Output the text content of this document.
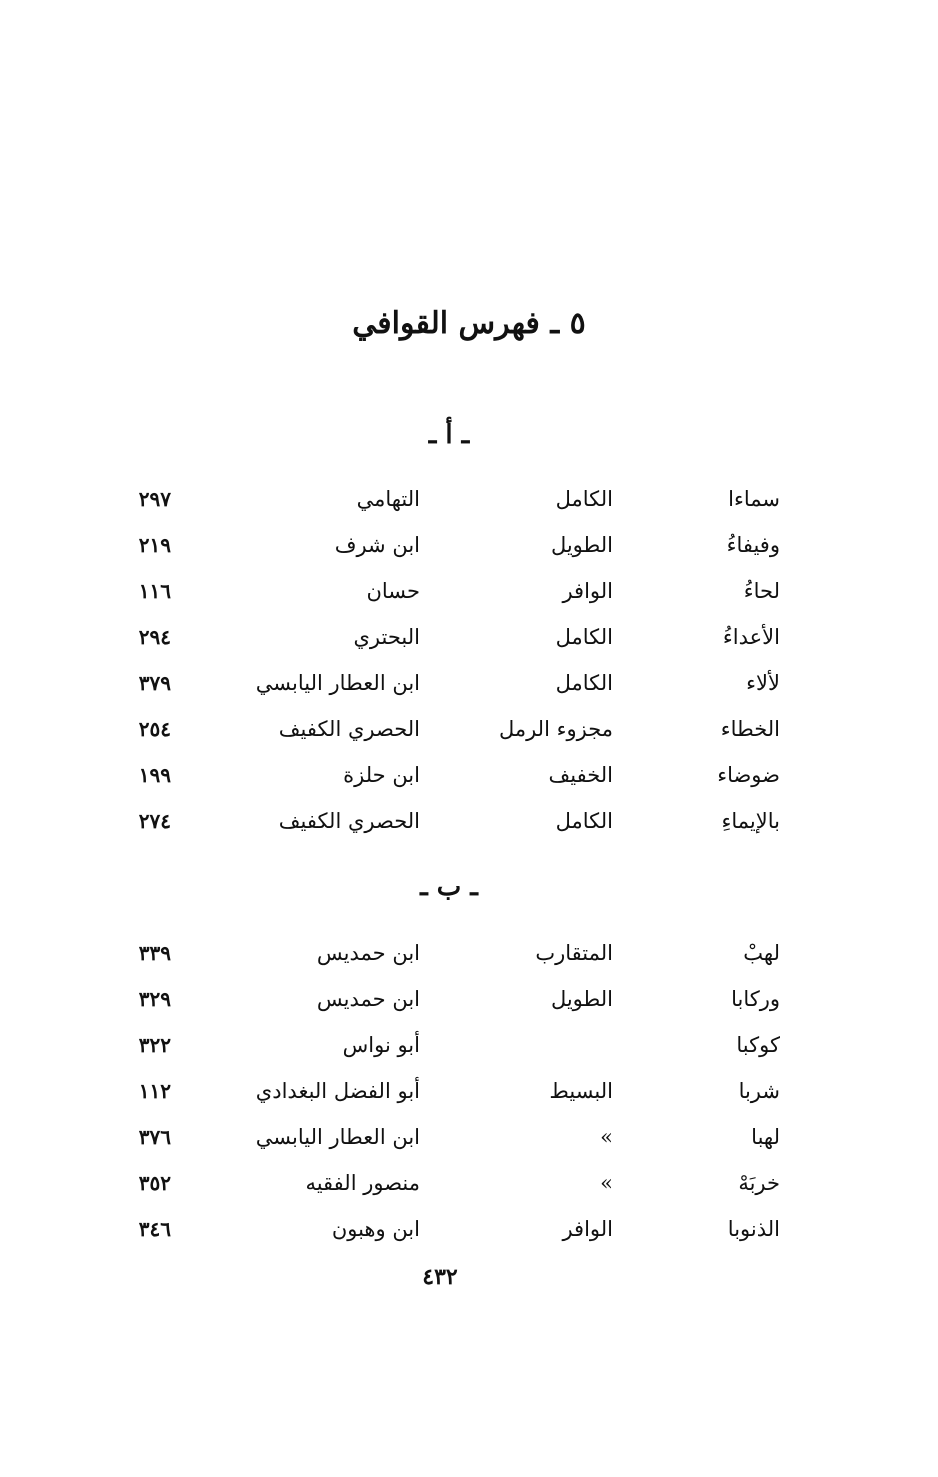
٥ ـ فهرس القوافي
ـ أ ـ
سماءا
الكامل
التهامي
٢٩٧
وفيفاءُ
الطويل
ابن شرف
٢١٩
لحاءُ
الوافر
حسان
١١٦
الأعداءُ
الكامل
البحتري
٢٩٤
لألاء
الكامل
ابن العطار اليابسي
٣٧٩
الخطاء
مجزوء الرمل
الحصري الكفيف
٢٥٤
ضوضاء
الخفيف
ابن حلزة
١٩٩
بالإيماءِ
الكامل
الحصري الكفيف
٢٧٤
ـ ب ـ
لهبْ
المتقارب
ابن حمديس
٣٣٩
وركابا
الطويل
ابن حمديس
٣٢٩
كوكبا
أبو نواس
٣٢٢
شربا
البسيط
أبو الفضل البغدادي
١١٢
لهبا
»
ابن العطار اليابسي
٣٧٦
خربَهْ
»
منصور الفقيه
٣٥٢
الذنوبا
الوافر
ابن وهبون
٣٤٦
٤٣٢
